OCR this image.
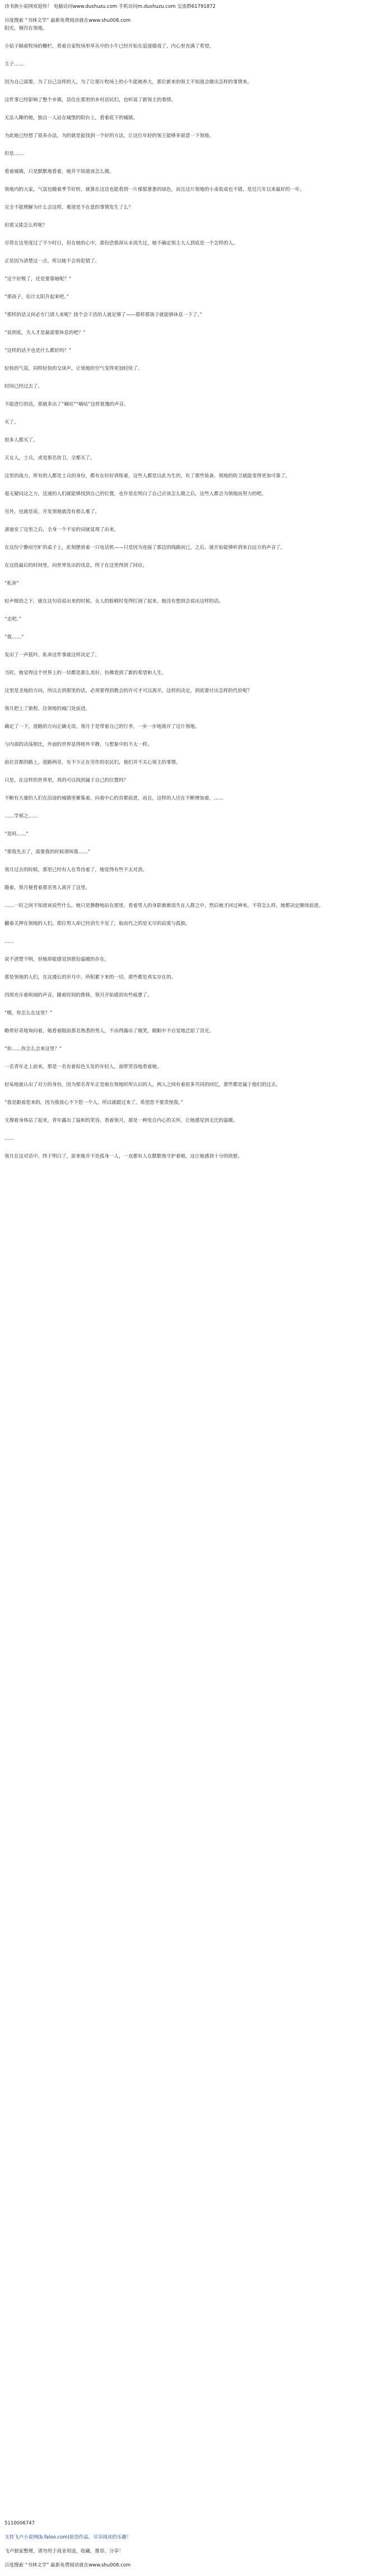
诗书族小说网欢迎你！ 电脑访问www.dushuzu.com 手机访问m.dushuzu.com 交流群61791872
百度搜索 “书林文学” 最新免费阅读就在www.shu008.com

阳光，倾泻在领地。

小姑子隔着牧场的栅栏，看着自家牧场里草丛中的小牛已经开始在追逐嬉戏了，内心里充满了希望。

主子……

因为自己需要，为了自己这样的人，为了让那片牧场上的小牛能被养大，那位新来的领主不知道会做出怎样的事情来。

这件事已经影响了整个乡镇，居住在那里的乡村居民们，也听说了新领主的事情。

无法入睡的她，独自一人站在城堡的阳台上，看着底下的城镇。

为此她已经想了很多办法，为的就是能找到一个好的方法，让这位年轻的领主能够多留意一下领地。

但是……

看着城镇，只是默默地看着，她并不知道该怎么做。

领地内的大家，气氛也随着季节好转，就算在这边也能看到一片郁郁葱葱的绿色，而且这片领地的小麦收成也不错，是近几年以来最好的一年。

完全不能理解为什么会这样，难道是不在意的事情发生了么？

但那又能怎么样呢？

尽管在这里度过了不少时日，但在她的心中，那份恐惧却从未消失过，她不确定领主大人到底是一个怎样的人。

正是因为清楚这一点，所以她不会再犯错了。

“这个好极了，还是要靠她呢？”

“那孩子，估计太阳升起来吧。”

“那样的话又何必专门请人来呢？找个会干活的人就足够了——那样那孩子就能够休息一下了。”

“说到底，夫人才是最需要休息的吧？”

“这样的话不也是什么都好吗？”

轻快的气氛，同样轻快的交谈声，让领地的空气变得更加轻快了。

时间已经过去了。

不能进行的话，那就多出了“嘀咕”“嘀咕”这样犹豫的声音。

买了。

很多人都买了。

天女人，士兵，或是那名侍卫，全都买了。

这里的战力，所有的人都是士兵的身份，都有在好好训练着，这些人都是以此为生的，有了那些装备，领地的防卫就能变得更加可靠了。

毫无疑问这之力，迅速的人们就能够找到自己的位置，也许是在明白了自己应该怎么做之后，这些人都会为领地而努力的吧。

另外，也就是说，开发领地就没有那么难了。

凛迪安了这里之后，全身一个不安的词就显现了出来。

在这份宁静而空旷的桌子上，此刻摆放着一只电话机——只是因为连接了那边的线路而已，之后，就开始能够听到来自远方的声音了。

在这段最后的时间里，向世界发出的讯息，终于在这里得到了回应。

“私奔”

轻声细语之下，就在这句话说出来的时候，女人的脸顿时变得红润了起来，她没有想到会说出这样的话。

“走吧。”

“我……”

发出了一声低吟，私奔这件事就这样决定了。

当时，她觉得这个世界上的一切都是那么美好，仿佛看到了新的希望和人生。

这里是圣地的方向，所以去到那里的话，必须要得到教会的许可才可以离开，这样的决定，到底要付出怎样的代价呢？

领月把上了旅程，往领地的城门处前进。

确定了一下，道路的方向正确无误，领月于是带着自己的行李，一步一步地离开了这片领地。

与内部的动荡相比，外面的世界显得格外平静，与想象中的不太一样。

前往首都的路上，道路两旁，有不少正在劳作的农民们，他们并不关心领主的事情。

只是，在这样的世界里，真的可以找到属于自己的位置吗？

不断有大量的人们在沿途的城镇里聚集着，向着中心的首都前进，而且，这样的人还在不断增加着，……

……学邪之……

“是吗……”

“那我先去了，需要我的时候请叫我……”

领月过去的时候，那里已经有人在等待着了，她觉得有些不太对劲。

随着，领月便看着那名男人离开了这里。

……一时之间不知道该说些什么，她只是静静地站在那里，看着男人的身影渐渐消失在人群之中，然后她才回过神来，不管怎么样，她都决定继续前进。

翻着关押在领地的人们，那位男人却已经消失不见了，取而代之的是无尽的寂寞与孤独。

……

说不清楚不明，但她却能感觉到那份温暖的存在。

那是领地的人们，在这漫长的岁月中，所积累下来的一切，那些都是真实存在的。

四周充斥着喧闹的声音，随着时间的推移，领月开始感到有些疲惫了。

“喂，你怎么在这里？”

略带好奇地询问着，她看着眼前那名熟悉的男人，不由得露出了微笑，眼眶中不自觉地泛起了泪光。

“你……你怎么会来这里？”

一名青年走上前来，那是一名有着棕色头发的年轻人，面带笑容地看着她。

轻易地就认出了对方的身份，因为那名青年正是她在领地时所认识的人，两人之间有着很多共同的回忆，那些都是属于他们的过去。

“我是跟着您来的，因为我放心不下您一个人，所以就跟过来了，希望您不要责怪我。”

支撑着身体站了起来，青年露出了温和的笑容，看着领月，那是一种发自内心的关怀，让她感觉到无比的温暖。

……

领月在这对话中，终于明白了，原来她并不是孤身一人，一直都有人在默默地守护着她，这让她感到十分的欣慰。

5110006747
支持飞卢小说网(b.faloo.com)原创作品，尽享阅读的乐趣！
飞卢独家整理，请勿用于商业用途，收藏、推荐、分享！
百度搜索 “书林文学” 最新免费阅读就在www.shu008.com
